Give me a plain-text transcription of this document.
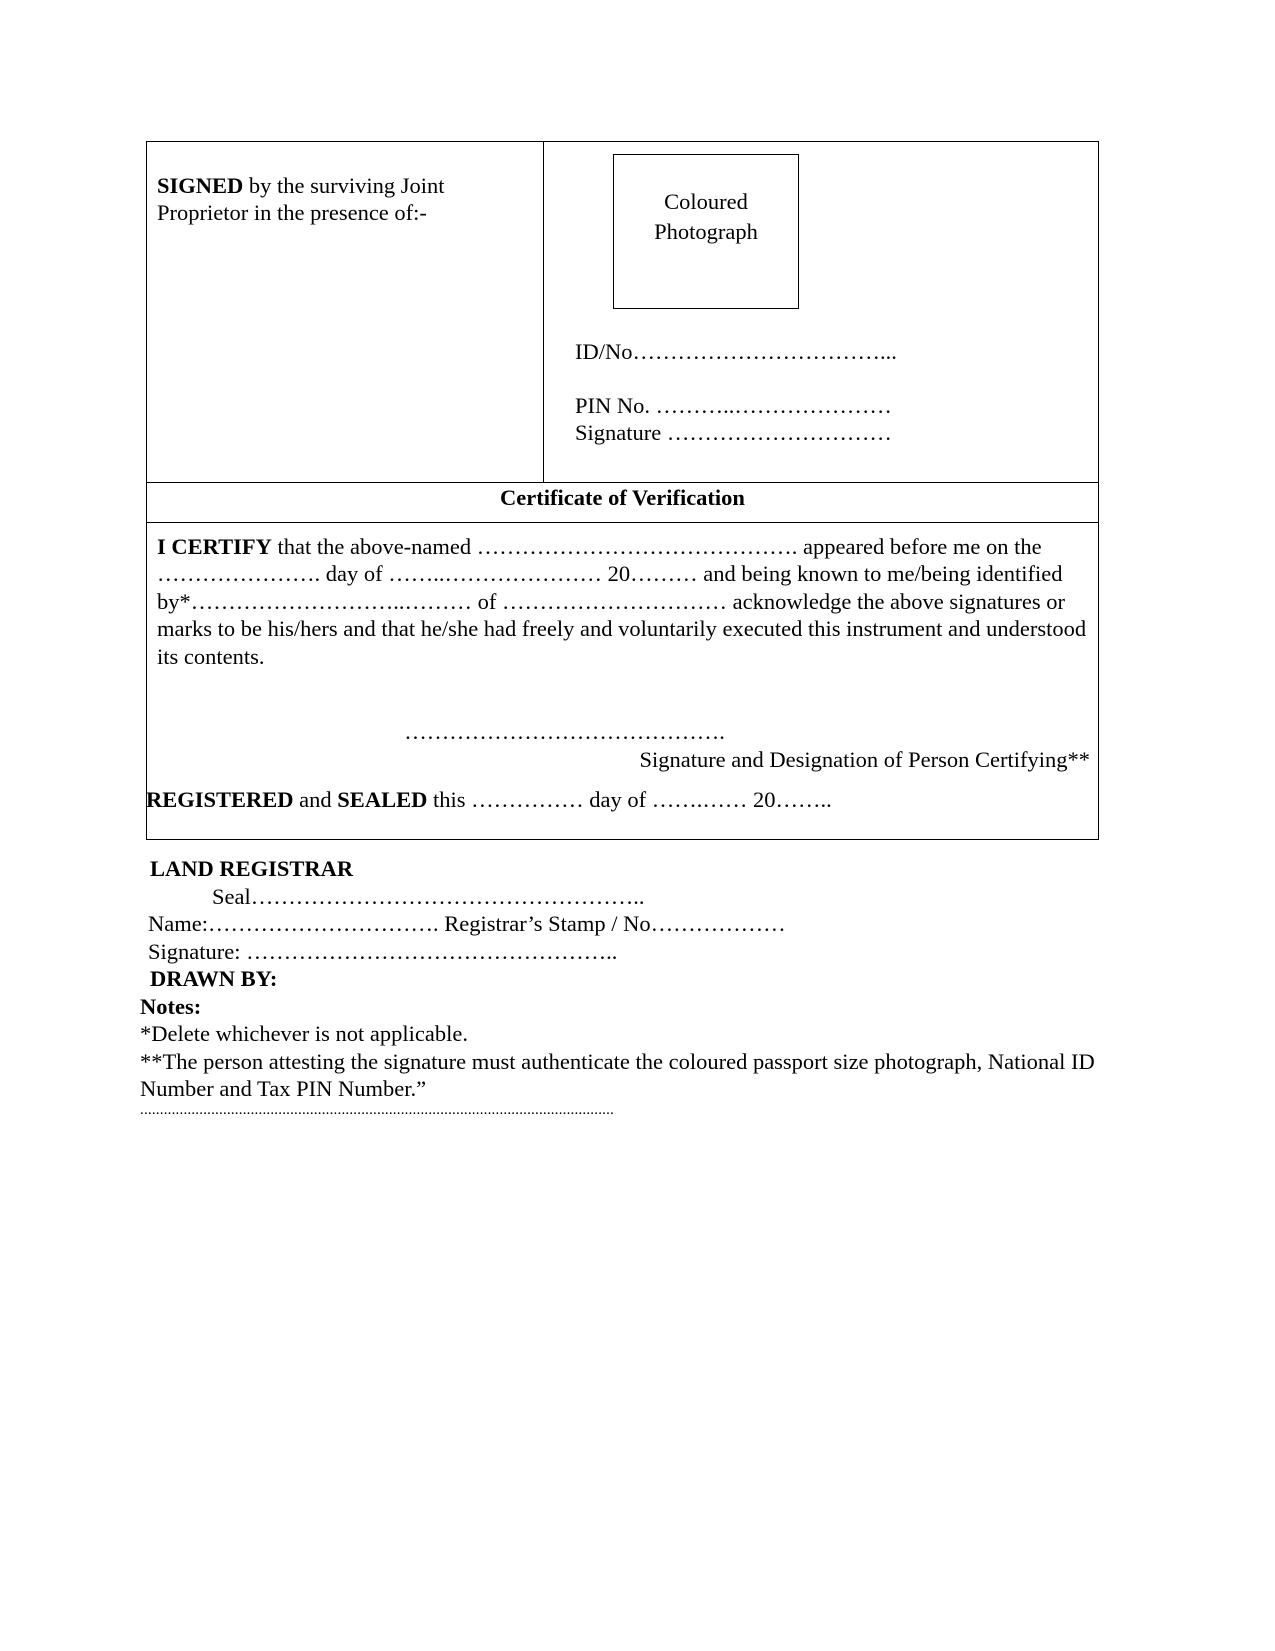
SIGNED by the surviving Joint Proprietor in the presence of:-	Coloured
Photograph
ID/No……………………………...
PIN No. ………..…………………
Signature …………………………

Certificate of Verification

I CERTIFY that the above-named ……………………………………. appeared before me on the …………………. day of ……..………………… 20……… and being known to me/being identified by*………………………..……… of ………………………… acknowledge the above signatures or marks to be his/hers and that he/she had freely and voluntarily executed this instrument and understood its contents.
…………………………………….
Signature and Designation of Person Certifying**

REGISTERED and SEALED this …………… day of …….…… 20……..

LAND REGISTRAR

Seal……………………………………………..

Name:…………………………. Registrar’s Stamp / No………………

Signature: …………………………………………..

DRAWN BY:

Notes:

*Delete whichever is not applicable.

**The person attesting the signature must authenticate the coloured passport size photograph, National ID Number and Tax PIN Number.”

........................................................................................................................
